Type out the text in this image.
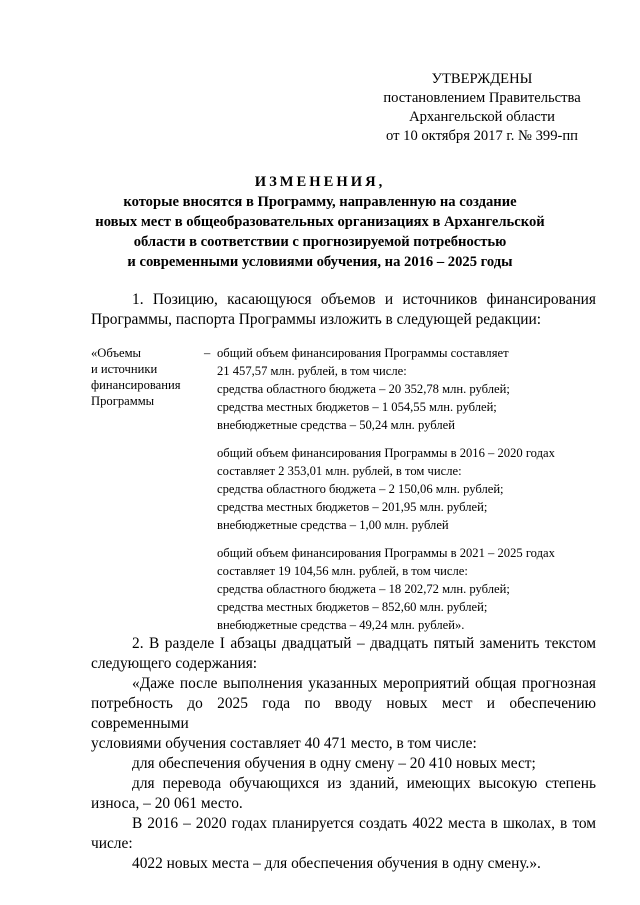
УТВЕРЖДЕНЫ
постановлением Правительства
Архангельской области
от 10 октября 2017 г. № 399-пп
ИЗМЕНЕНИЯ,
которые вносятся в Программу, направленную на создание
новых мест в общеобразовательных организациях в Архангельской
области в соответствии с прогнозируемой потребностью
и современными условиями обучения, на 2016 – 2025 годы
1. Позицию, касающуюся объемов и источников финансирования
Программы, паспорта Программы изложить в следующей редакции:
«Объемы
и источники
финансирования
Программы
– общий объем финансирования Программы составляет
21 457,57 млн. рублей, в том числе:
средства областного бюджета – 20 352,78 млн. рублей;
средства местных бюджетов – 1 054,55 млн. рублей;
внебюджетные средства – 50,24 млн. рублей
общий объем финансирования Программы в 2016 – 2020 годах
составляет 2 353,01 млн. рублей, в том числе:
средства областного бюджета – 2 150,06 млн. рублей;
средства местных бюджетов – 201,95 млн. рублей;
внебюджетные средства – 1,00 млн. рублей
общий объем финансирования Программы в 2021 – 2025 годах
составляет 19 104,56 млн. рублей, в том числе:
средства областного бюджета – 18 202,72 млн. рублей;
средства местных бюджетов – 852,60 млн. рублей;
внебюджетные средства – 49,24 млн. рублей».
2. В разделе I абзацы двадцатый – двадцать пятый заменить текстом
следующего содержания:
«Даже после выполнения указанных мероприятий общая прогнозная
потребность до 2025 года по вводу новых мест и обеспечению современными
условиями обучения составляет 40 471 место, в том числе:
для обеспечения обучения в одну смену – 20 410 новых мест;
для перевода обучающихся из зданий, имеющих высокую степень
износа, – 20 061 место.
В 2016 – 2020 годах планируется создать 4022 места в школах, в том
числе:
4022 новых места – для обеспечения обучения в одну смену.».
